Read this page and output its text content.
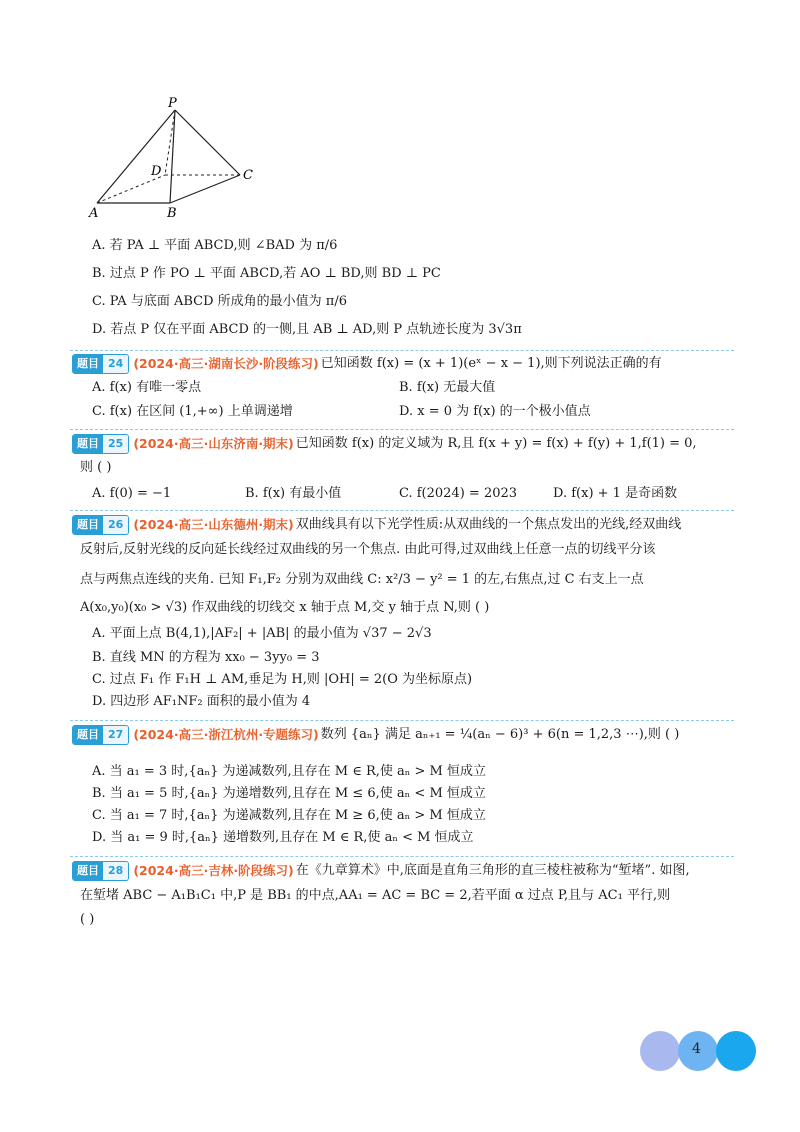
P
D	C
A	B
A. 若 PA ⊥ 平面 ABCD,则 ∠BAD 为 π/6
B. 过点 P 作 PO ⊥ 平面 ABCD,若 AO ⊥ BD,则 BD ⊥ PC
C. PA 与底面 ABCD 所成角的最小值为 π/6
D. 若点 P 仅在平面 ABCD 的一侧,且 AB ⊥ AD,则 P 点轨迹长度为 3√3π
题目 24 (2024·高三·湖南长沙·阶段练习) 已知函数 f(x) = (x + 1)(eˣ − x − 1),则下列说法正确的有
A. f(x) 有唯一零点	B. f(x) 无最大值
C. f(x) 在区间 (1,+∞) 上单调递增	D. x = 0 为 f(x) 的一个极小值点
题目 25 (2024·高三·山东济南·期末) 已知函数 f(x) 的定义域为 R,且 f(x + y) = f(x) + f(y) + 1,f(1) = 0,
则 ( )
A. f(0) = −1	B. f(x) 有最小值	C. f(2024) = 2023	D. f(x) + 1 是奇函数
题目 26 (2024·高三·山东德州·期末) 双曲线具有以下光学性质:从双曲线的一个焦点发出的光线,经双曲线
反射后,反射光线的反向延长线经过双曲线的另一个焦点. 由此可得,过双曲线上任意一点的切线平分该
点与两焦点连线的夹角. 已知 F₁,F₂ 分别为双曲线 C: x²/3 − y² = 1 的左,右焦点,过 C 右支上一点
A(x₀,y₀)(x₀ > √3) 作双曲线的切线交 x 轴于点 M,交 y 轴于点 N,则 ( )
A. 平面上点 B(4,1),|AF₂| + |AB| 的最小值为 √37 − 2√3
B. 直线 MN 的方程为 xx₀ − 3yy₀ = 3
C. 过点 F₁ 作 F₁H ⊥ AM,垂足为 H,则 |OH| = 2(O 为坐标原点)
D. 四边形 AF₁NF₂ 面积的最小值为 4
题目 27 (2024·高三·浙江杭州·专题练习) 数列 {aₙ} 满足 aₙ₊₁ = ¼(aₙ − 6)³ + 6(n = 1,2,3 ⋯),则 ( )
A. 当 a₁ = 3 时,{aₙ} 为递减数列,且存在 M ∈ R,使 aₙ > M 恒成立
B. 当 a₁ = 5 时,{aₙ} 为递增数列,且存在 M ≤ 6,使 aₙ < M 恒成立
C. 当 a₁ = 7 时,{aₙ} 为递减数列,且存在 M ≥ 6,使 aₙ > M 恒成立
D. 当 a₁ = 9 时,{aₙ} 递增数列,且存在 M ∈ R,使 aₙ < M 恒成立
题目 28 (2024·高三·吉林·阶段练习) 在《九章算术》中,底面是直角三角形的直三棱柱被称为“堑堵”. 如图,
在堑堵 ABC − A₁B₁C₁ 中,P 是 BB₁ 的中点,AA₁ = AC = BC = 2,若平面 α 过点 P,且与 AC₁ 平行,则
( )
4
